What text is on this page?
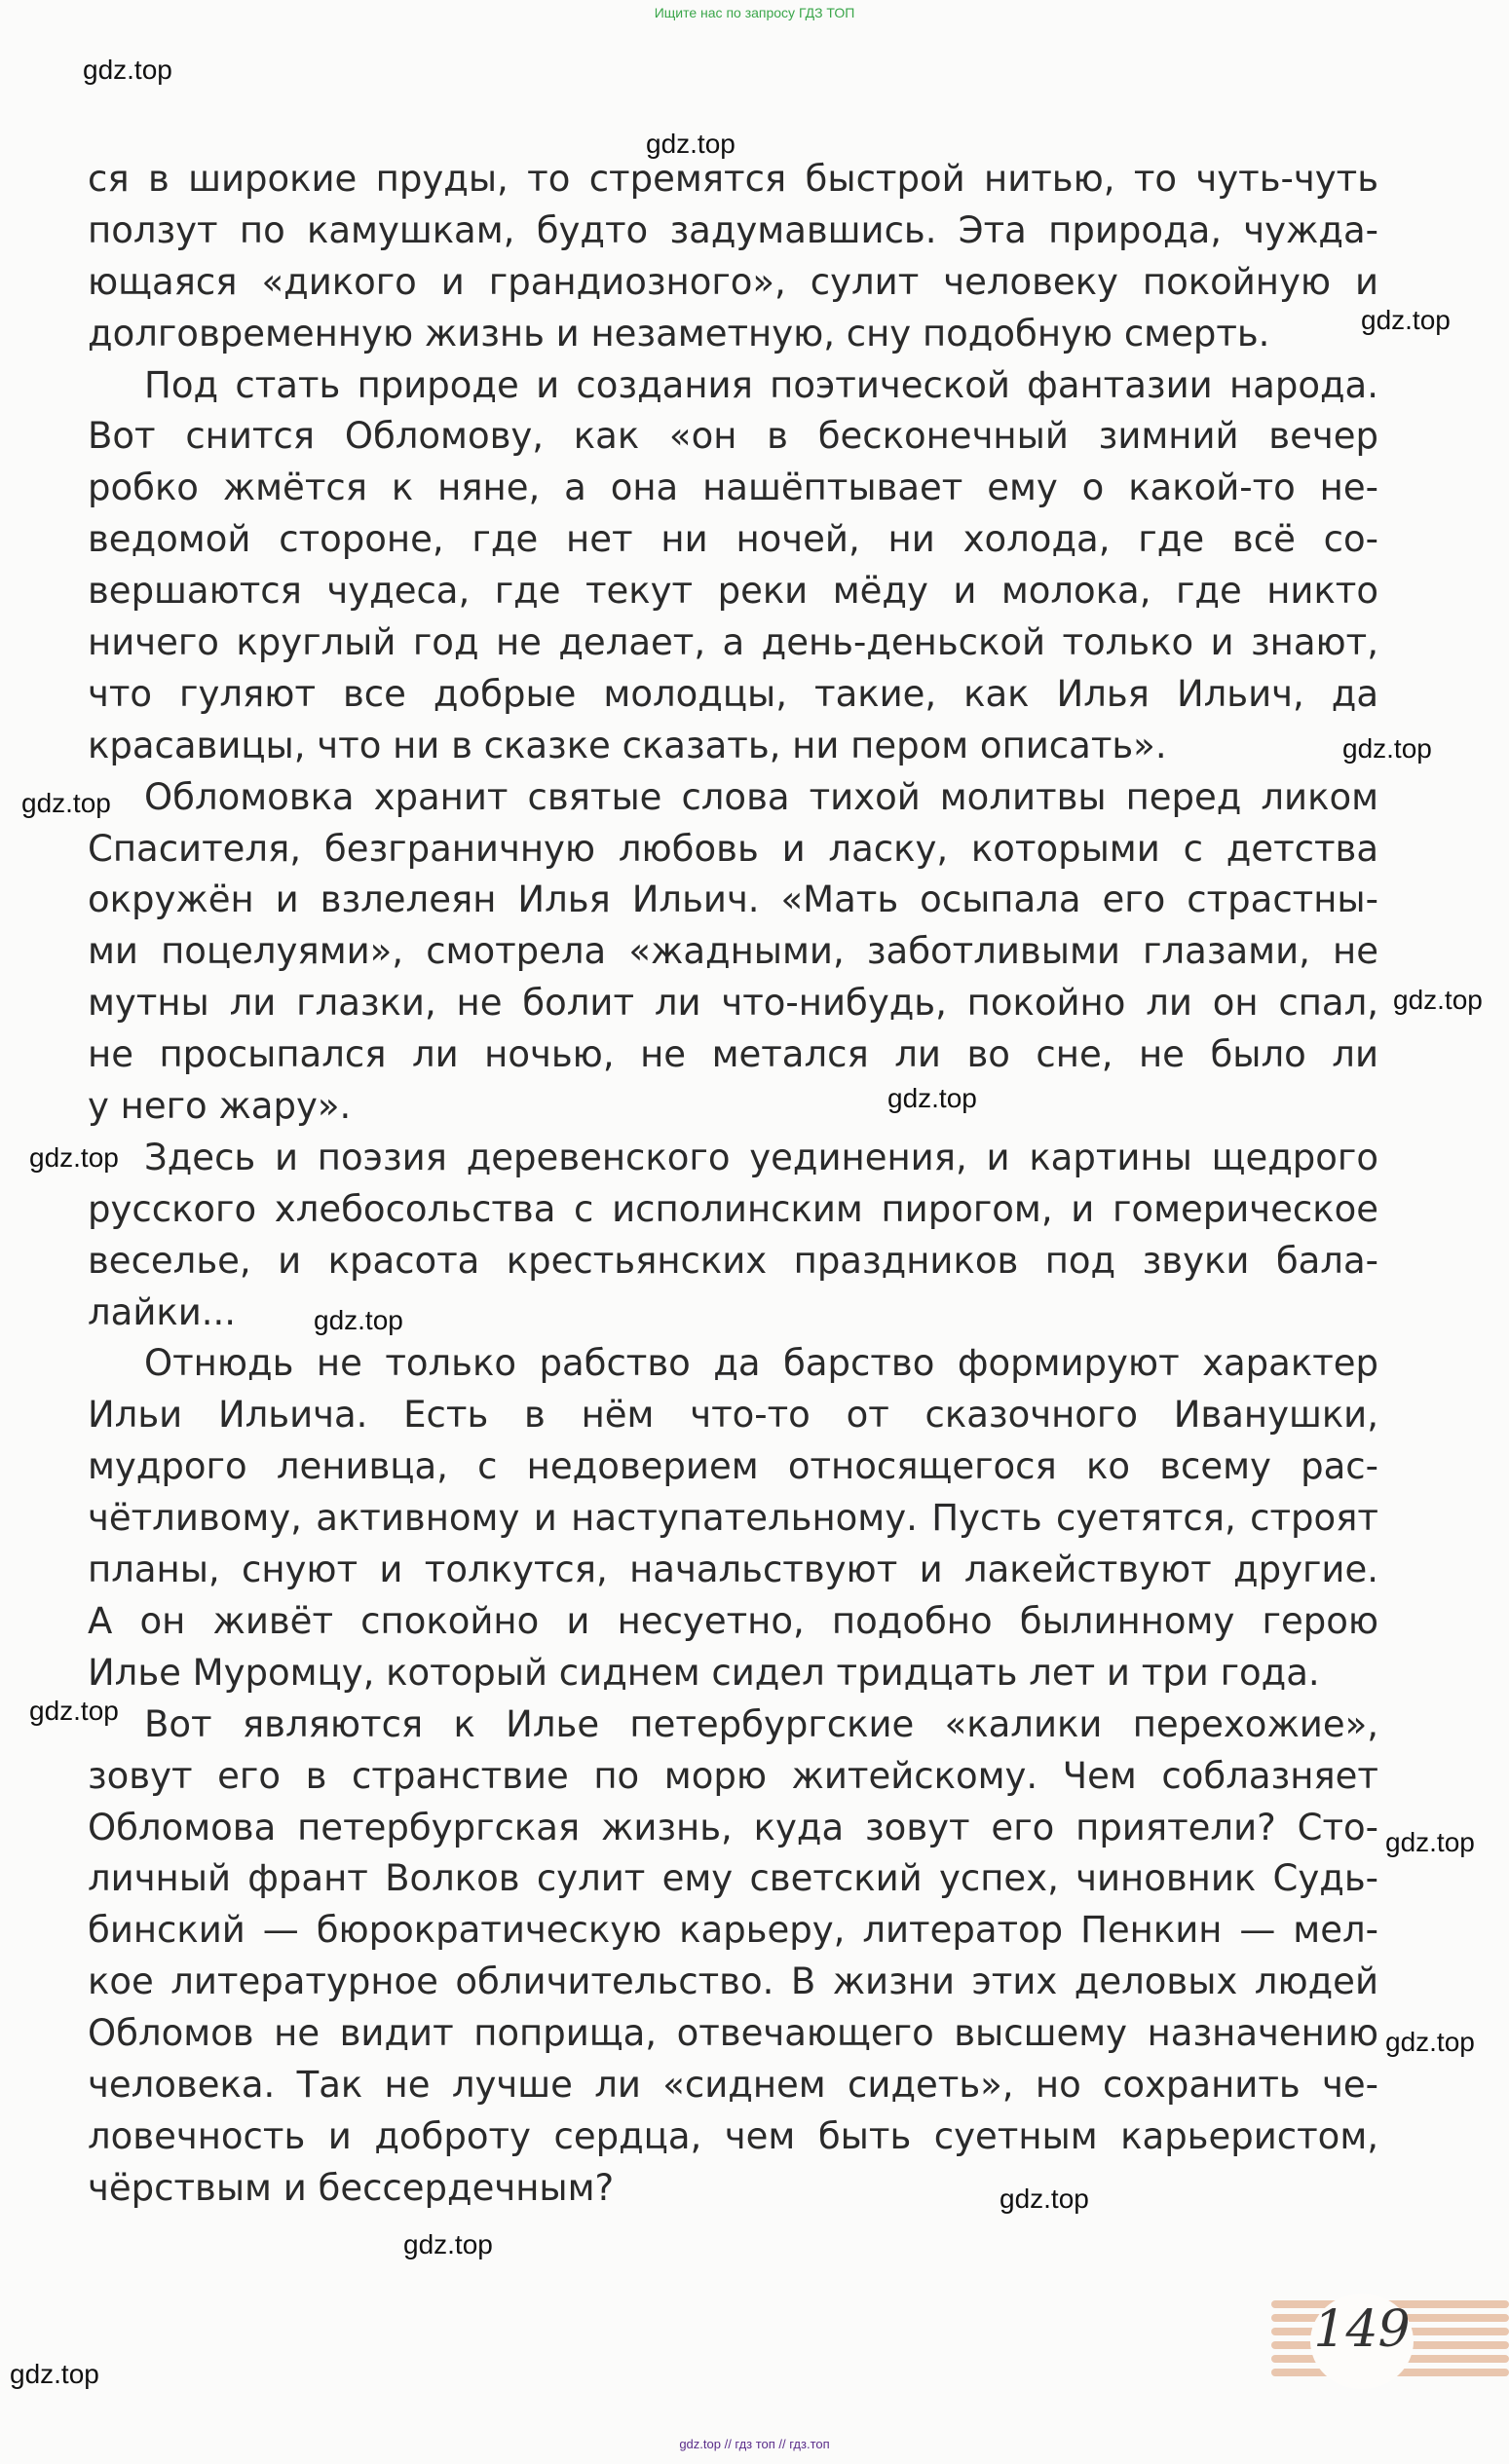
Ищите нас по запросу ГДЗ ТОП
gdz.top
gdz.top
gdz.top
gdz.top
gdz.top
gdz.top
gdz.top
gdz.top
gdz.top
gdz.top
gdz.top
gdz.top
gdz.top
gdz.top
gdz.top
ся в широкие пруды, то стремятся быстрой нитью, то чуть-чуть
ползут по камушкам, будто задумавшись. Эта природа, чужда-
ющаяся «дикого и грандиозного», сулит человеку покойную и
долговременную жизнь и незаметную, сну подобную смерть.
Под стать природе и создания поэтической фантазии народа.
Вот снится Обломову, как «он в бесконечный зимний вечер
робко жмётся к няне, а она нашёптывает ему о какой-то не-
ведомой стороне, где нет ни ночей, ни холода, где всё со-
вершаются чудеса, где текут реки мёду и молока, где никто
ничего круглый год не делает, а день-деньской только и знают,
что гуляют все добрые молодцы, такие, как Илья Ильич, да
красавицы, что ни в сказке сказать, ни пером описать».
Обломовка хранит святые слова тихой молитвы перед ликом
Спасителя, безграничную любовь и ласку, которыми с детства
окружён и взлелеян Илья Ильич. «Мать осыпала его страстны-
ми поцелуями», смотрела «жадными, заботливыми глазами, не
мутны ли глазки, не болит ли что-нибудь, покойно ли он спал,
не просыпался ли ночью, не метался ли во сне, не было ли
у него жару».
Здесь и поэзия деревенского уединения, и картины щедрого
русского хлебосольства с исполинским пирогом, и гомерическое
веселье, и красота крестьянских праздников под звуки бала-
лайки...
Отнюдь не только рабство да барство формируют характер
Ильи Ильича. Есть в нём что-то от сказочного Иванушки,
мудрого ленивца, с недоверием относящегося ко всему рас-
чётливому, активному и наступательному. Пусть суетятся, строят
планы, снуют и толкутся, начальствуют и лакействуют другие.
А он живёт спокойно и несуетно, подобно былинному герою
Илье Муромцу, который сиднем сидел тридцать лет и три года.
Вот являются к Илье петербургские «калики перехожие»,
зовут его в странствие по морю житейскому. Чем соблазняет
Обломова петербургская жизнь, куда зовут его приятели? Сто-
личный франт Волков сулит ему светский успех, чиновник Судь-
бинский — бюрократическую карьеру, литератор Пенкин — мел-
кое литературное обличительство. В жизни этих деловых людей
Обломов не видит поприща, отвечающего высшему назначению
человека. Так не лучше ли «сиднем сидеть», но сохранить че-
ловечность и доброту сердца, чем быть суетным карьеристом,
чёрствым и бессердечным?
149
gdz.top // гдз топ // гдз.топ
